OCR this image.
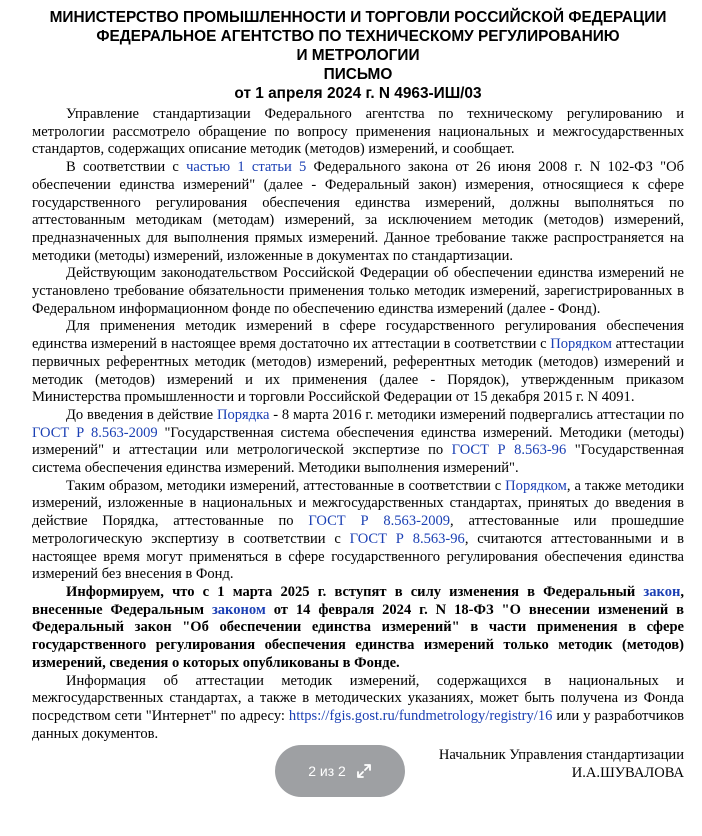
МИНИСТЕРСТВО ПРОМЫШЛЕННОСТИ И ТОРГОВЛИ РОССИЙСКОЙ ФЕДЕРАЦИИ
ФЕДЕРАЛЬНОЕ АГЕНТСТВО ПО ТЕХНИЧЕСКОМУ РЕГУЛИРОВАНИЮ
И МЕТРОЛОГИИ
ПИСЬМО
от 1 апреля 2024 г. N 4963-ИШ/03

Управление стандартизации Федерального агентства по техническому регулированию и метрологии рассмотрело обращение по вопросу применения национальных и межгосударственных стандартов, содержащих описание методик (методов) измерений, и сообщает.

В соответствии с частью 1 статьи 5 Федерального закона от 26 июня 2008 г. N 102-ФЗ "Об обеспечении единства измерений" (далее - Федеральный закон) измерения, относящиеся к сфере государственного регулирования обеспечения единства измерений, должны выполняться по аттестованным методикам (методам) измерений, за исключением методик (методов) измерений, предназначенных для выполнения прямых измерений. Данное требование также распространяется на методики (методы) измерений, изложенные в документах по стандартизации.

Действующим законодательством Российской Федерации об обеспечении единства измерений не установлено требование обязательности применения только методик измерений, зарегистрированных в Федеральном информационном фонде по обеспечению единства измерений (далее - Фонд).

Для применения методик измерений в сфере государственного регулирования обеспечения единства измерений в настоящее время достаточно их аттестации в соответствии с Порядком аттестации первичных референтных методик (методов) измерений, референтных методик (методов) измерений и методик (методов) измерений и их применения (далее - Порядок), утвержденным приказом Министерства промышленности и торговли Российской Федерации от 15 декабря 2015 г. N 4091.

До введения в действие Порядка - 8 марта 2016 г. методики измерений подвергались аттестации по ГОСТ Р 8.563-2009 "Государственная система обеспечения единства измерений. Методики (методы) измерений" и аттестации или метрологической экспертизе по ГОСТ Р 8.563-96 "Государственная система обеспечения единства измерений. Методики выполнения измерений".

Таким образом, методики измерений, аттестованные в соответствии с Порядком, а также методики измерений, изложенные в национальных и межгосударственных стандартах, принятых до введения в действие Порядка, аттестованные по ГОСТ Р 8.563-2009, аттестованные или прошедшие метрологическую экспертизу в соответствии с ГОСТ Р 8.563-96, считаются аттестованными и в настоящее время могут применяться в сфере государственного регулирования обеспечения единства измерений без внесения в Фонд.

Информируем, что с 1 марта 2025 г. вступят в силу изменения в Федеральный закон, внесенные Федеральным законом от 14 февраля 2024 г. N 18-ФЗ "О внесении изменений в Федеральный закон "Об обеспечении единства измерений" в части применения в сфере государственного регулирования обеспечения единства измерений только методик (методов) измерений, сведения о которых опубликованы в Фонде.

Информация об аттестации методик измерений, содержащихся в национальных и межгосударственных стандартах, а также в методических указаниях, может быть получена из Фонда посредством сети "Интернет" по адресу: https://fgis.gost.ru/fundmetrology/registry/16 или у разработчиков данных документов.

Начальник Управления стандартизации
И.А.ШУВАЛОВА
2 из 2
